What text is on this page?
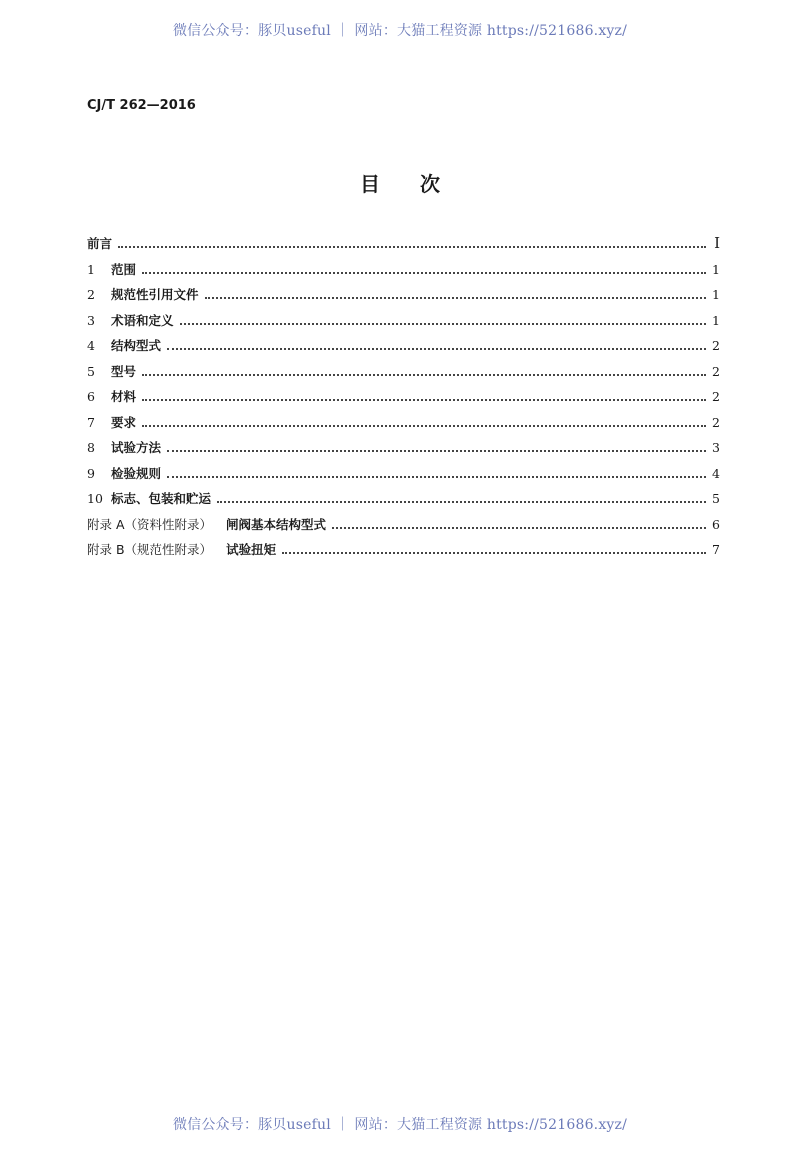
微信公众号：豚贝useful ｜ 网站：大猫工程资源 https://521686.xyz/
CJ/T 262—2016
目次
前言	Ⅰ
1	范围	1
2	规范性引用文件	1
3	术语和定义	1
4	结构型式	2
5	型号	2
6	材料	2
7	要求	2
8	试验方法	3
9	检验规则	4
10 标志、包装和贮运	5
附录 A（资料性附录） 闸阀基本结构型式	6
附录 B（规范性附录） 试验扭矩	7
微信公众号：豚贝useful ｜ 网站：大猫工程资源 https://521686.xyz/
